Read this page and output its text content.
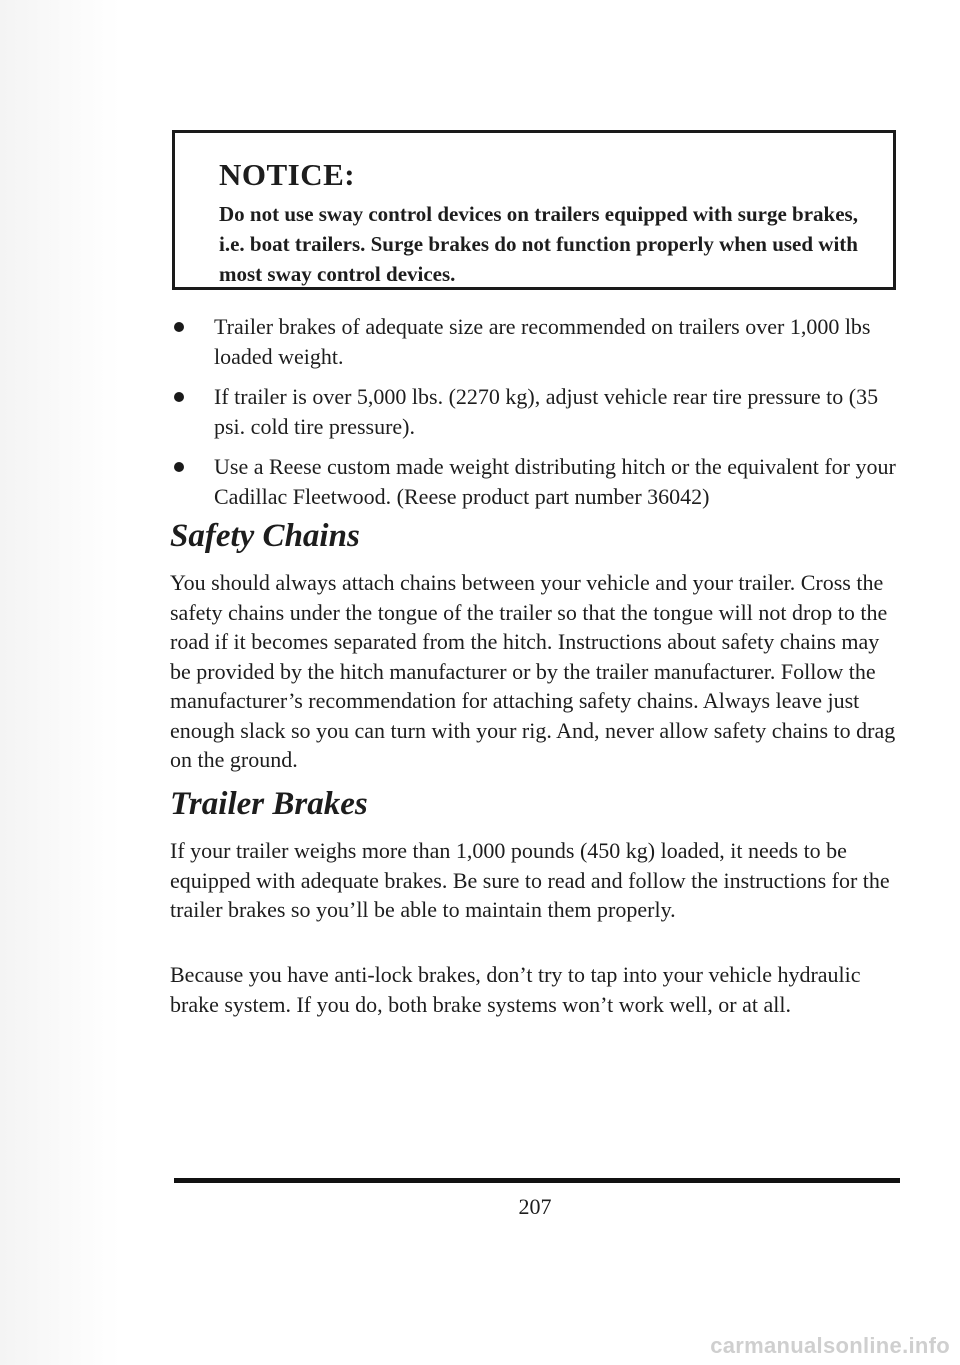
NOTICE:

Do not use sway control devices on trailers equipped with surge brakes, i.e. boat trailers. Surge brakes do not function properly when used with most sway control devices.

Trailer brakes of adequate size are recommended on trailers over 1,000 lbs loaded weight.
If trailer is over 5,000 lbs. (2270 kg), adjust vehicle rear tire pressure to (35 psi. cold tire pressure).
Use a Reese custom made weight distributing hitch or the equivalent for your Cadillac Fleetwood. (Reese product part number 36042)
Safety Chains

You should always attach chains between your vehicle and your trailer. Cross the safety chains under the tongue of the trailer so that the tongue will not drop to the road if it becomes separated from the hitch. Instructions about safety chains may be provided by the hitch manufacturer or by the trailer manufacturer. Follow the manufacturer’s recommendation for attaching safety chains. Always leave just enough slack so you can turn with your rig. And, never allow safety chains to drag on the ground.

Trailer Brakes

If your trailer weighs more than 1,000 pounds (450 kg) loaded, it needs to be equipped with adequate brakes. Be sure to read and follow the instructions for the trailer brakes so you’ll be able to maintain them properly.

Because you have anti-lock brakes, don’t try to tap into your vehicle hydraulic brake system. If you do, both brake systems won’t work well, or at all.

207

carmanualsonline.info
